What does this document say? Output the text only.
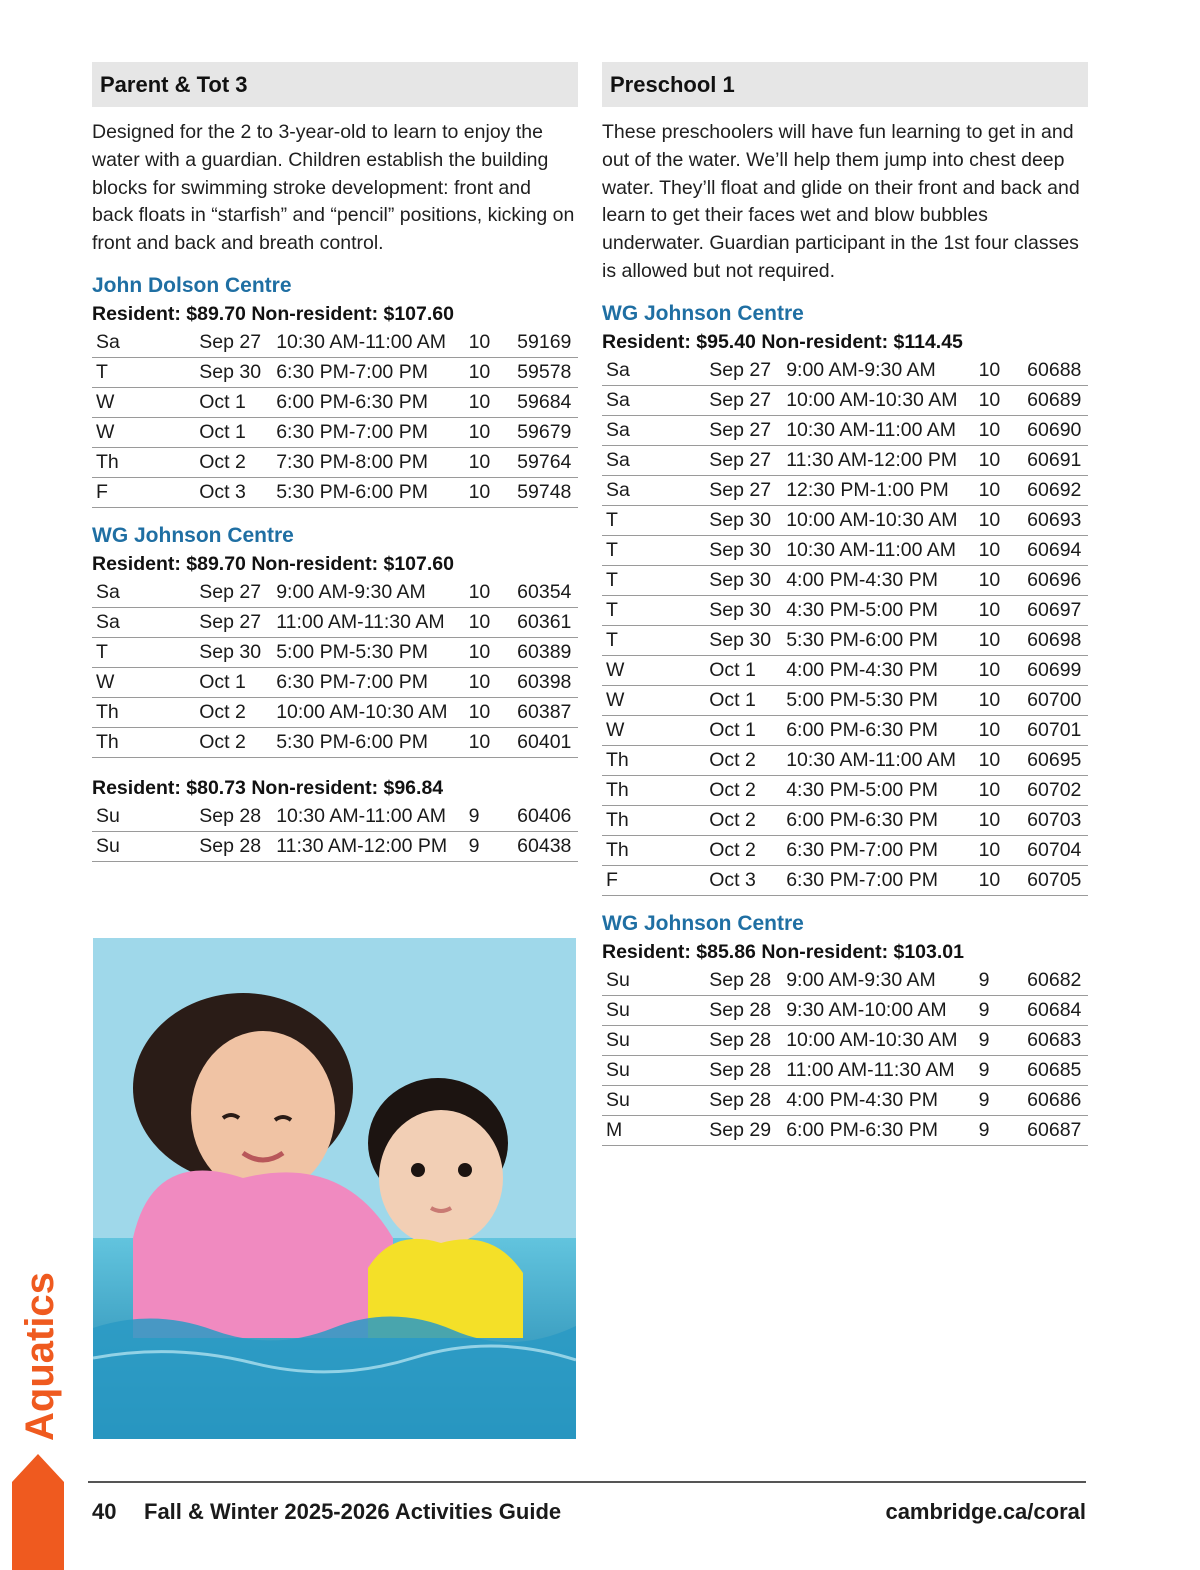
Parent & Tot 3
Designed for the 2 to 3-year-old to learn to enjoy the water with a guardian. Children establish the building blocks for swimming stroke development: front and back floats in “starfish” and “pencil” positions, kicking on front and back and breath control.
John Dolson Centre
Resident: $89.70 Non-resident: $107.60
Sa	Sep 27	10:30 AM-11:00 AM	10	59169
T	Sep 30	6:30 PM-7:00 PM	10	59578
W	Oct 1	6:00 PM-6:30 PM	10	59684
W	Oct 1	6:30 PM-7:00 PM	10	59679
Th	Oct 2	7:30 PM-8:00 PM	10	59764
F	Oct 3	5:30 PM-6:00 PM	10	59748
WG Johnson Centre
Resident: $89.70 Non-resident: $107.60
Sa	Sep 27	9:00 AM-9:30 AM	10	60354
Sa	Sep 27	11:00 AM-11:30 AM	10	60361
T	Sep 30	5:00 PM-5:30 PM	10	60389
W	Oct 1	6:30 PM-7:00 PM	10	60398
Th	Oct 2	10:00 AM-10:30 AM	10	60387
Th	Oct 2	5:30 PM-6:00 PM	10	60401
Resident: $80.73 Non-resident: $96.84
Su	Sep 28	10:30 AM-11:00 AM	9	60406
Su	Sep 28	11:30 AM-12:00 PM	9	60438
Preschool 1
These preschoolers will have fun learning to get in and out of the water. We’ll help them jump into chest deep water. They’ll float and glide on their front and back and learn to get their faces wet and blow bubbles underwater. Guardian participant in the 1st four classes is allowed but not required.
WG Johnson Centre
Resident: $95.40 Non-resident: $114.45
Sa	Sep 27	9:00 AM-9:30 AM	10	60688
Sa	Sep 27	10:00 AM-10:30 AM	10	60689
Sa	Sep 27	10:30 AM-11:00 AM	10	60690
Sa	Sep 27	11:30 AM-12:00 PM	10	60691
Sa	Sep 27	12:30 PM-1:00 PM	10	60692
T	Sep 30	10:00 AM-10:30 AM	10	60693
T	Sep 30	10:30 AM-11:00 AM	10	60694
T	Sep 30	4:00 PM-4:30 PM	10	60696
T	Sep 30	4:30 PM-5:00 PM	10	60697
T	Sep 30	5:30 PM-6:00 PM	10	60698
W	Oct 1	4:00 PM-4:30 PM	10	60699
W	Oct 1	5:00 PM-5:30 PM	10	60700
W	Oct 1	6:00 PM-6:30 PM	10	60701
Th	Oct 2	10:30 AM-11:00 AM	10	60695
Th	Oct 2	4:30 PM-5:00 PM	10	60702
Th	Oct 2	6:00 PM-6:30 PM	10	60703
Th	Oct 2	6:30 PM-7:00 PM	10	60704
F	Oct 3	6:30 PM-7:00 PM	10	60705
WG Johnson Centre
Resident: $85.86 Non-resident: $103.01
Su	Sep 28	9:00 AM-9:30 AM	9	60682
Su	Sep 28	9:30 AM-10:00 AM	9	60684
Su	Sep 28	10:00 AM-10:30 AM	9	60683
Su	Sep 28	11:00 AM-11:30 AM	9	60685
Su	Sep 28	4:00 PM-4:30 PM	9	60686
M	Sep 29	6:00 PM-6:30 PM	9	60687
Aquatics
40 Fall & Winter 2025-2026 Activities Guide	cambridge.ca/coral
